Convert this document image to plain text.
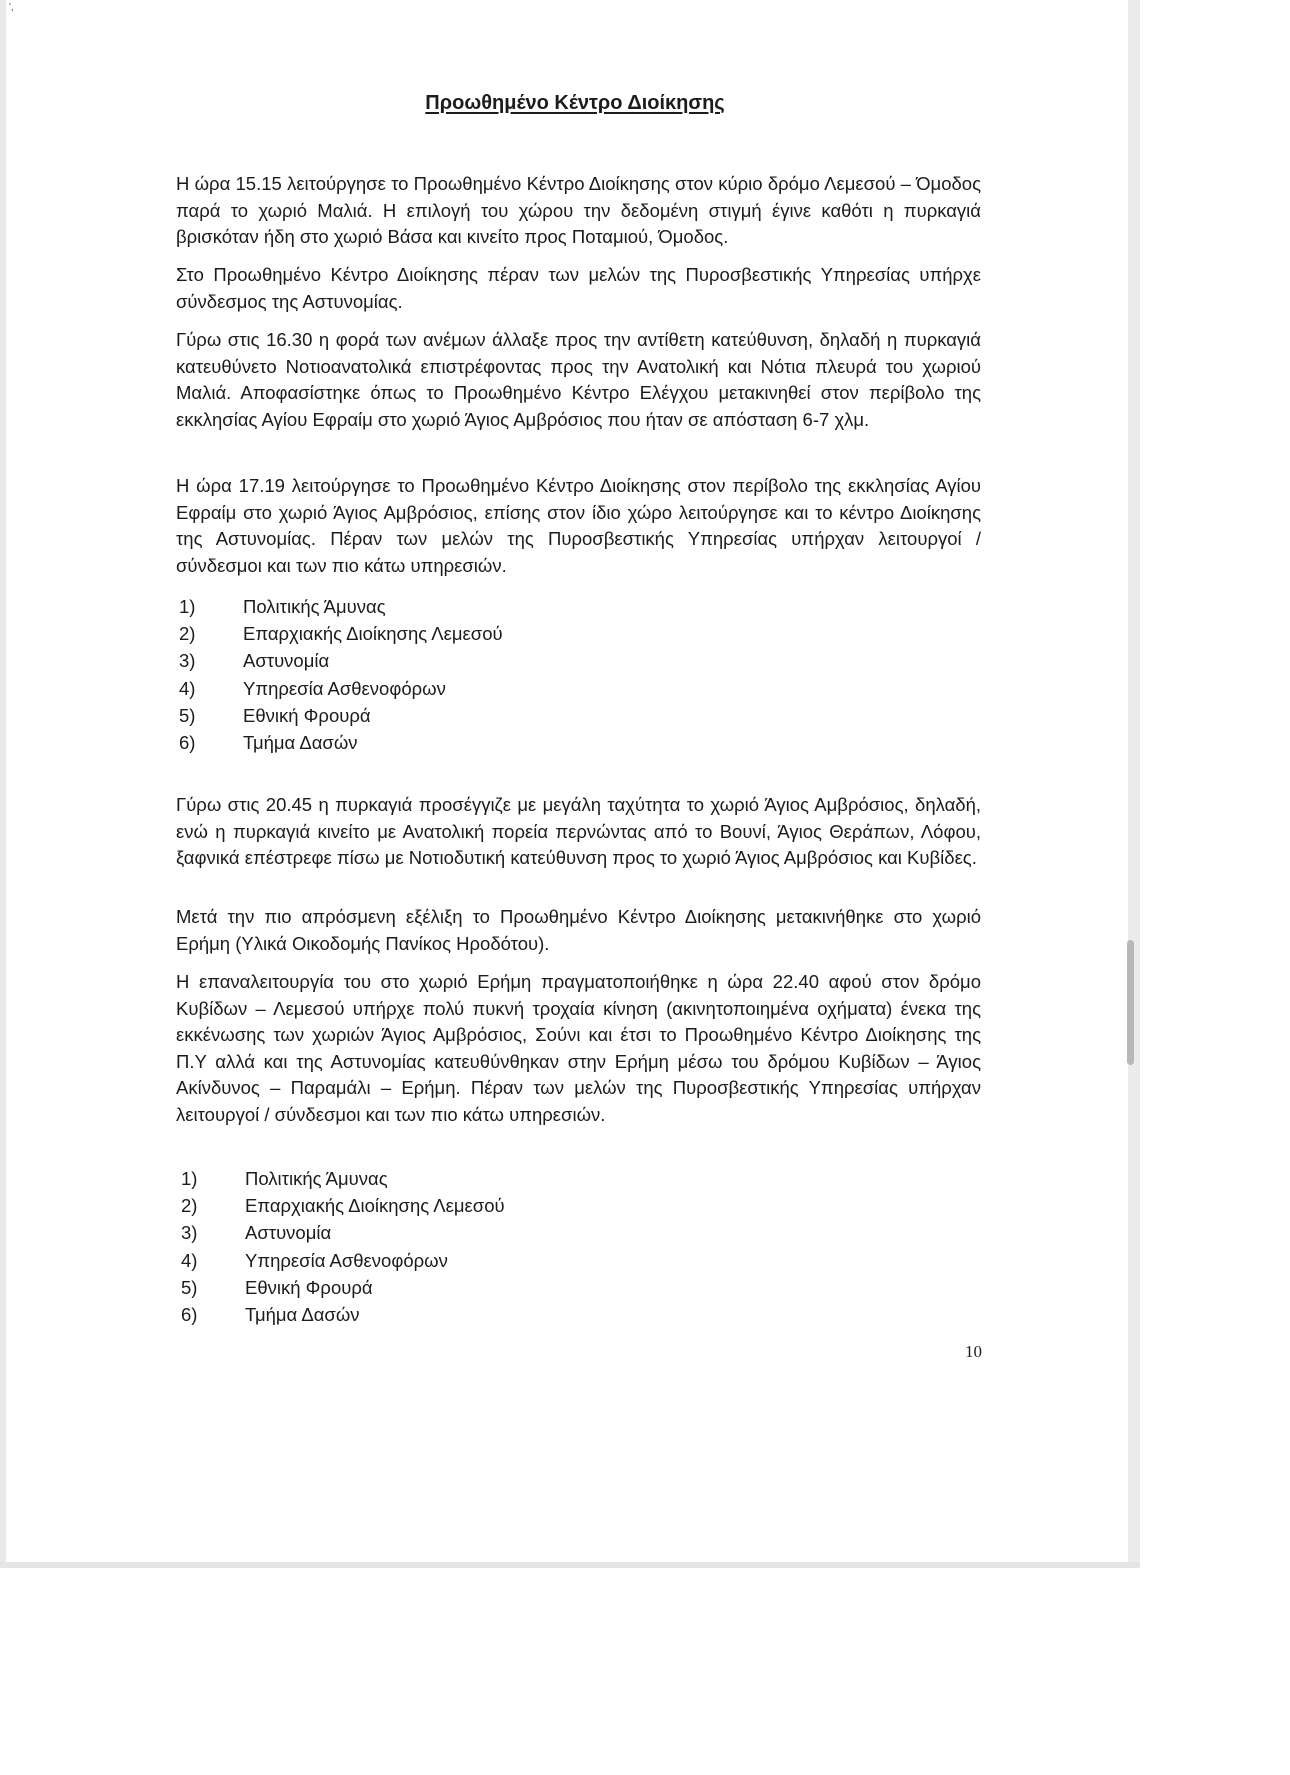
',
Προωθημένο Κέντρο Διοίκησης

Η ώρα 15.15 λειτούργησε το Προωθημένο Κέντρο Διοίκησης στον κύριο δρόμο Λεμεσού – Όμοδος παρά το χωριό Μαλιά. Η επιλογή του χώρου την δεδομένη στιγμή έγινε καθότι η πυρκαγιά βρισκόταν ήδη στο χωριό Βάσα και κινείτο προς Ποταμιού, Όμοδος.

Στο Προωθημένο Κέντρο Διοίκησης πέραν των μελών της Πυροσβεστικής Υπηρεσίας υπήρχε σύνδεσμος της Αστυνομίας.

Γύρω στις 16.30 η φορά των ανέμων άλλαξε προς την αντίθετη κατεύθυνση, δηλαδή η πυρκαγιά κατευθύνετο Νοτιοανατολικά επιστρέφοντας προς την Ανατολική και Νότια πλευρά του χωριού Μαλιά. Αποφασίστηκε όπως το Προωθημένο Κέντρο Ελέγχου μετακινηθεί στον περίβολο της εκκλησίας Αγίου Εφραίμ στο χωριό Άγιος Αμβρόσιος που ήταν σε απόσταση 6-7 χλμ.

Η ώρα 17.19 λειτούργησε το Προωθημένο Κέντρο Διοίκησης στον περίβολο της εκκλησίας Αγίου Εφραίμ στο χωριό Άγιος Αμβρόσιος, επίσης στον ίδιο χώρο λειτούργησε και το κέντρο Διοίκησης της Αστυνομίας. Πέραν των μελών της Πυροσβεστικής Υπηρεσίας υπήρχαν λειτουργοί / σύνδεσμοι και των πιο κάτω υπηρεσιών.

1)	Πολιτικής Άμυνας
2)	Επαρχιακής Διοίκησης Λεμεσού
3)	Αστυνομία
4)	Υπηρεσία Ασθενοφόρων
5)	Εθνική Φρουρά
6)	Τμήμα Δασών

Γύρω στις 20.45 η πυρκαγιά προσέγγιζε με μεγάλη ταχύτητα το χωριό Άγιος Αμβρόσιος, δηλαδή, ενώ η πυρκαγιά κινείτο με Ανατολική πορεία περνώντας από το Βουνί, Άγιος Θεράπων, Λόφου, ξαφνικά επέστρεφε πίσω με Νοτιοδυτική κατεύθυνση προς το χωριό Άγιος Αμβρόσιος και Κυβίδες.

Μετά την πιο απρόσμενη εξέλιξη το Προωθημένο Κέντρο Διοίκησης μετακινήθηκε στο χωριό Ερήμη (Υλικά Οικοδομής Πανίκος Ηροδότου).

Η επαναλειτουργία του στο χωριό Ερήμη πραγματοποιήθηκε η ώρα 22.40 αφού στον δρόμο Κυβίδων – Λεμεσού υπήρχε πολύ πυκνή τροχαία κίνηση (ακινητοποιημένα οχήματα) ένεκα της εκκένωσης των χωριών Άγιος Αμβρόσιος, Σούνι και έτσι το Προωθημένο Κέντρο Διοίκησης της Π.Υ αλλά και της Αστυνομίας κατευθύνθηκαν στην Ερήμη μέσω του δρόμου Κυβίδων – Άγιος Ακίνδυνος – Παραμάλι – Ερήμη. Πέραν των μελών της Πυροσβεστικής Υπηρεσίας υπήρχαν λειτουργοί / σύνδεσμοι και των πιο κάτω υπηρεσιών.

1)	Πολιτικής Άμυνας
2)	Επαρχιακής Διοίκησης Λεμεσού
3)	Αστυνομία
4)	Υπηρεσία Ασθενοφόρων
5)	Εθνική Φρουρά
6)	Τμήμα Δασών
10
